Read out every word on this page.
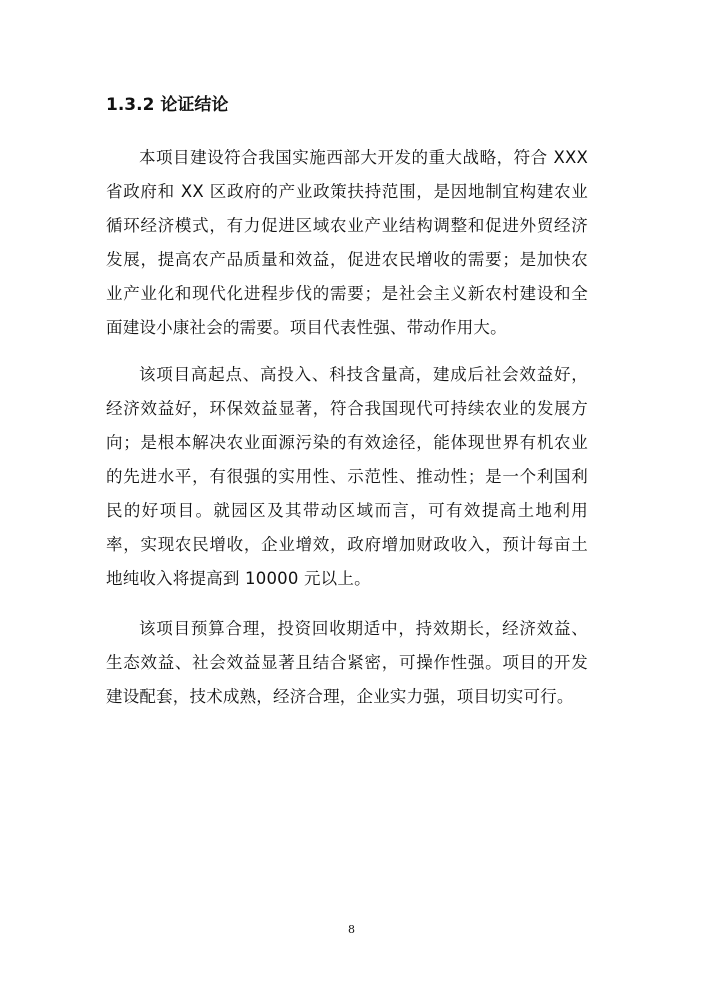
1.3.2 论证结论

本项目建设符合我国实施西部大开发的重大战略，符合 XXX 省政府和 XX 区政府的产业政策扶持范围，是因地制宜构建农业循环经济模式，有力促进区域农业产业结构调整和促进外贸经济发展，提高农产品质量和效益，促进农民增收的需要；是加快农业产业化和现代化进程步伐的需要；是社会主义新农村建设和全面建设小康社会的需要。项目代表性强、带动作用大。

该项目高起点、高投入、科技含量高，建成后社会效益好，经济效益好，环保效益显著，符合我国现代可持续农业的发展方向；是根本解决农业面源污染的有效途径，能体现世界有机农业的先进水平，有很强的实用性、示范性、推动性；是一个利国利民的好项目。就园区及其带动区域而言，可有效提高土地利用率，实现农民增收，企业增效，政府增加财政收入，预计每亩土地纯收入将提高到 10000 元以上。

该项目预算合理，投资回收期适中，持效期长，经济效益、生态效益、社会效益显著且结合紧密，可操作性强。项目的开发建设配套，技术成熟，经济合理，企业实力强，项目切实可行。

8
